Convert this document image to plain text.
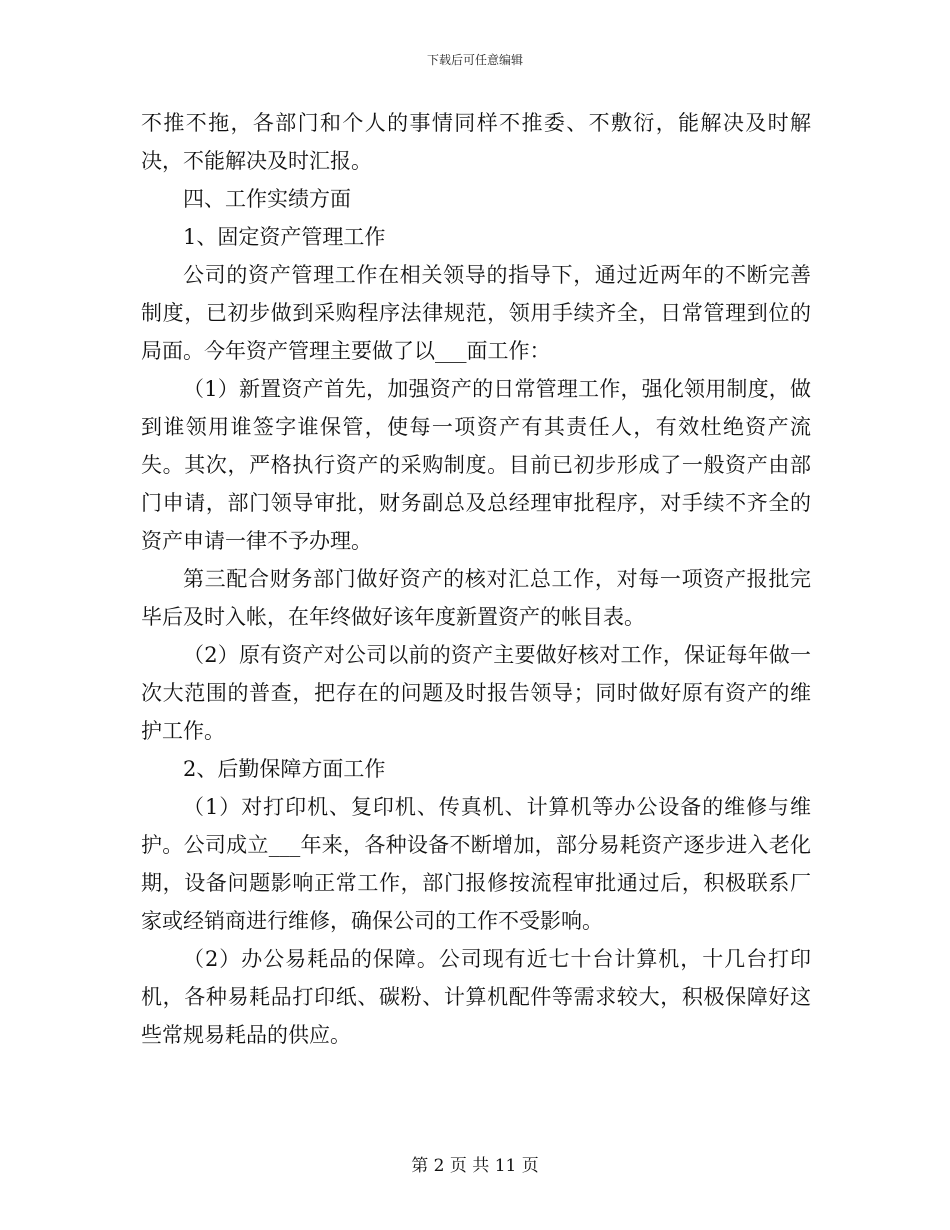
下载后可任意编辑

不推不拖，各部门和个人的事情同样不推委、不敷衍，能解决及时解决，不能解决及时汇报。

四、工作实绩方面

1、固定资产管理工作

公司的资产管理工作在相关领导的指导下，通过近两年的不断完善制度，已初步做到采购程序法律规范，领用手续齐全，日常管理到位的局面。今年资产管理主要做了以___面工作：

（1）新置资产首先，加强资产的日常管理工作，强化领用制度，做到谁领用谁签字谁保管，使每一项资产有其责任人，有效杜绝资产流失。其次，严格执行资产的采购制度。目前已初步形成了一般资产由部门申请，部门领导审批，财务副总及总经理审批程序，对手续不齐全的资产申请一律不予办理。

第三配合财务部门做好资产的核对汇总工作，对每一项资产报批完毕后及时入帐，在年终做好该年度新置资产的帐目表。

（2）原有资产对公司以前的资产主要做好核对工作，保证每年做一次大范围的普查，把存在的问题及时报告领导；同时做好原有资产的维护工作。

2、后勤保障方面工作

（1）对打印机、复印机、传真机、计算机等办公设备的维修与维护。公司成立___年来，各种设备不断增加，部分易耗资产逐步进入老化期，设备问题影响正常工作，部门报修按流程审批通过后，积极联系厂家或经销商进行维修，确保公司的工作不受影响。

（2）办公易耗品的保障。公司现有近七十台计算机，十几台打印机，各种易耗品打印纸、碳粉、计算机配件等需求较大，积极保障好这些常规易耗品的供应。

第 2 页 共 11 页
